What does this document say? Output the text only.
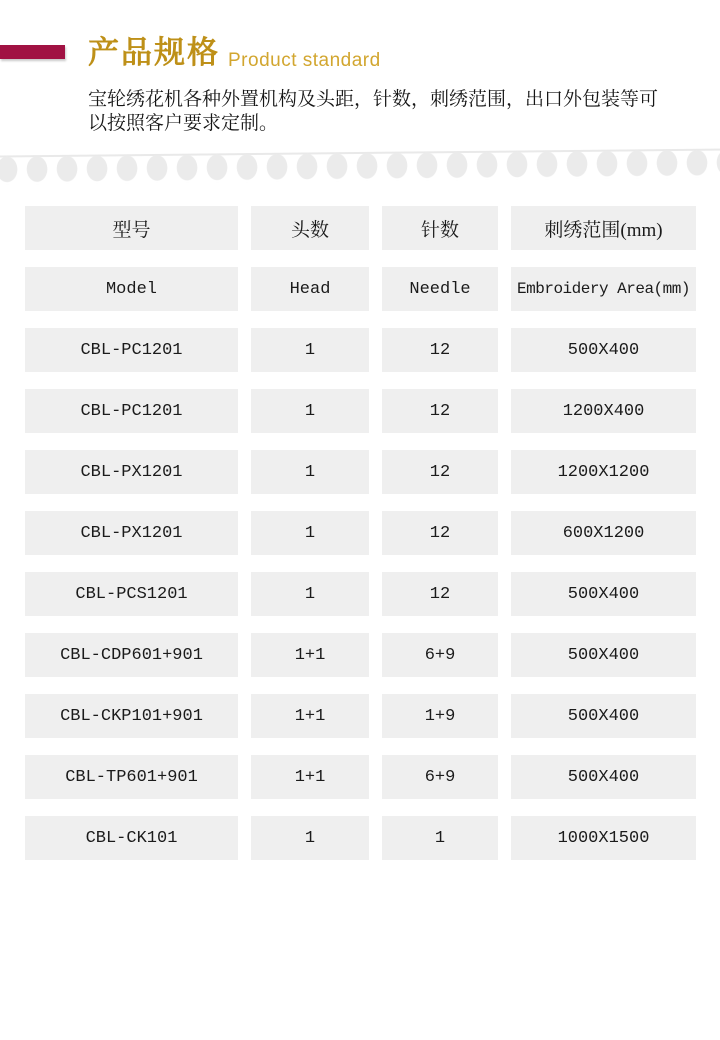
产品规格 Product standard

宝轮绣花机各种外置机构及头距，针数，刺绣范围，出口外包装等可以按照客户要求定制。

型号	头数	针数	刺绣范围(mm)
Model	Head	Needle	Embroidery Area(mm)
CBL-PC1201	1	12	500X400
CBL-PC1201	1	12	1200X400
CBL-PX1201	1	12	1200X1200
CBL-PX1201	1	12	600X1200
CBL-PCS1201	1	12	500X400
CBL-CDP601+901	1+1	6+9	500X400
CBL-CKP101+901	1+1	1+9	500X400
CBL-TP601+901	1+1	6+9	500X400
CBL-CK101	1	1	1000X1500
